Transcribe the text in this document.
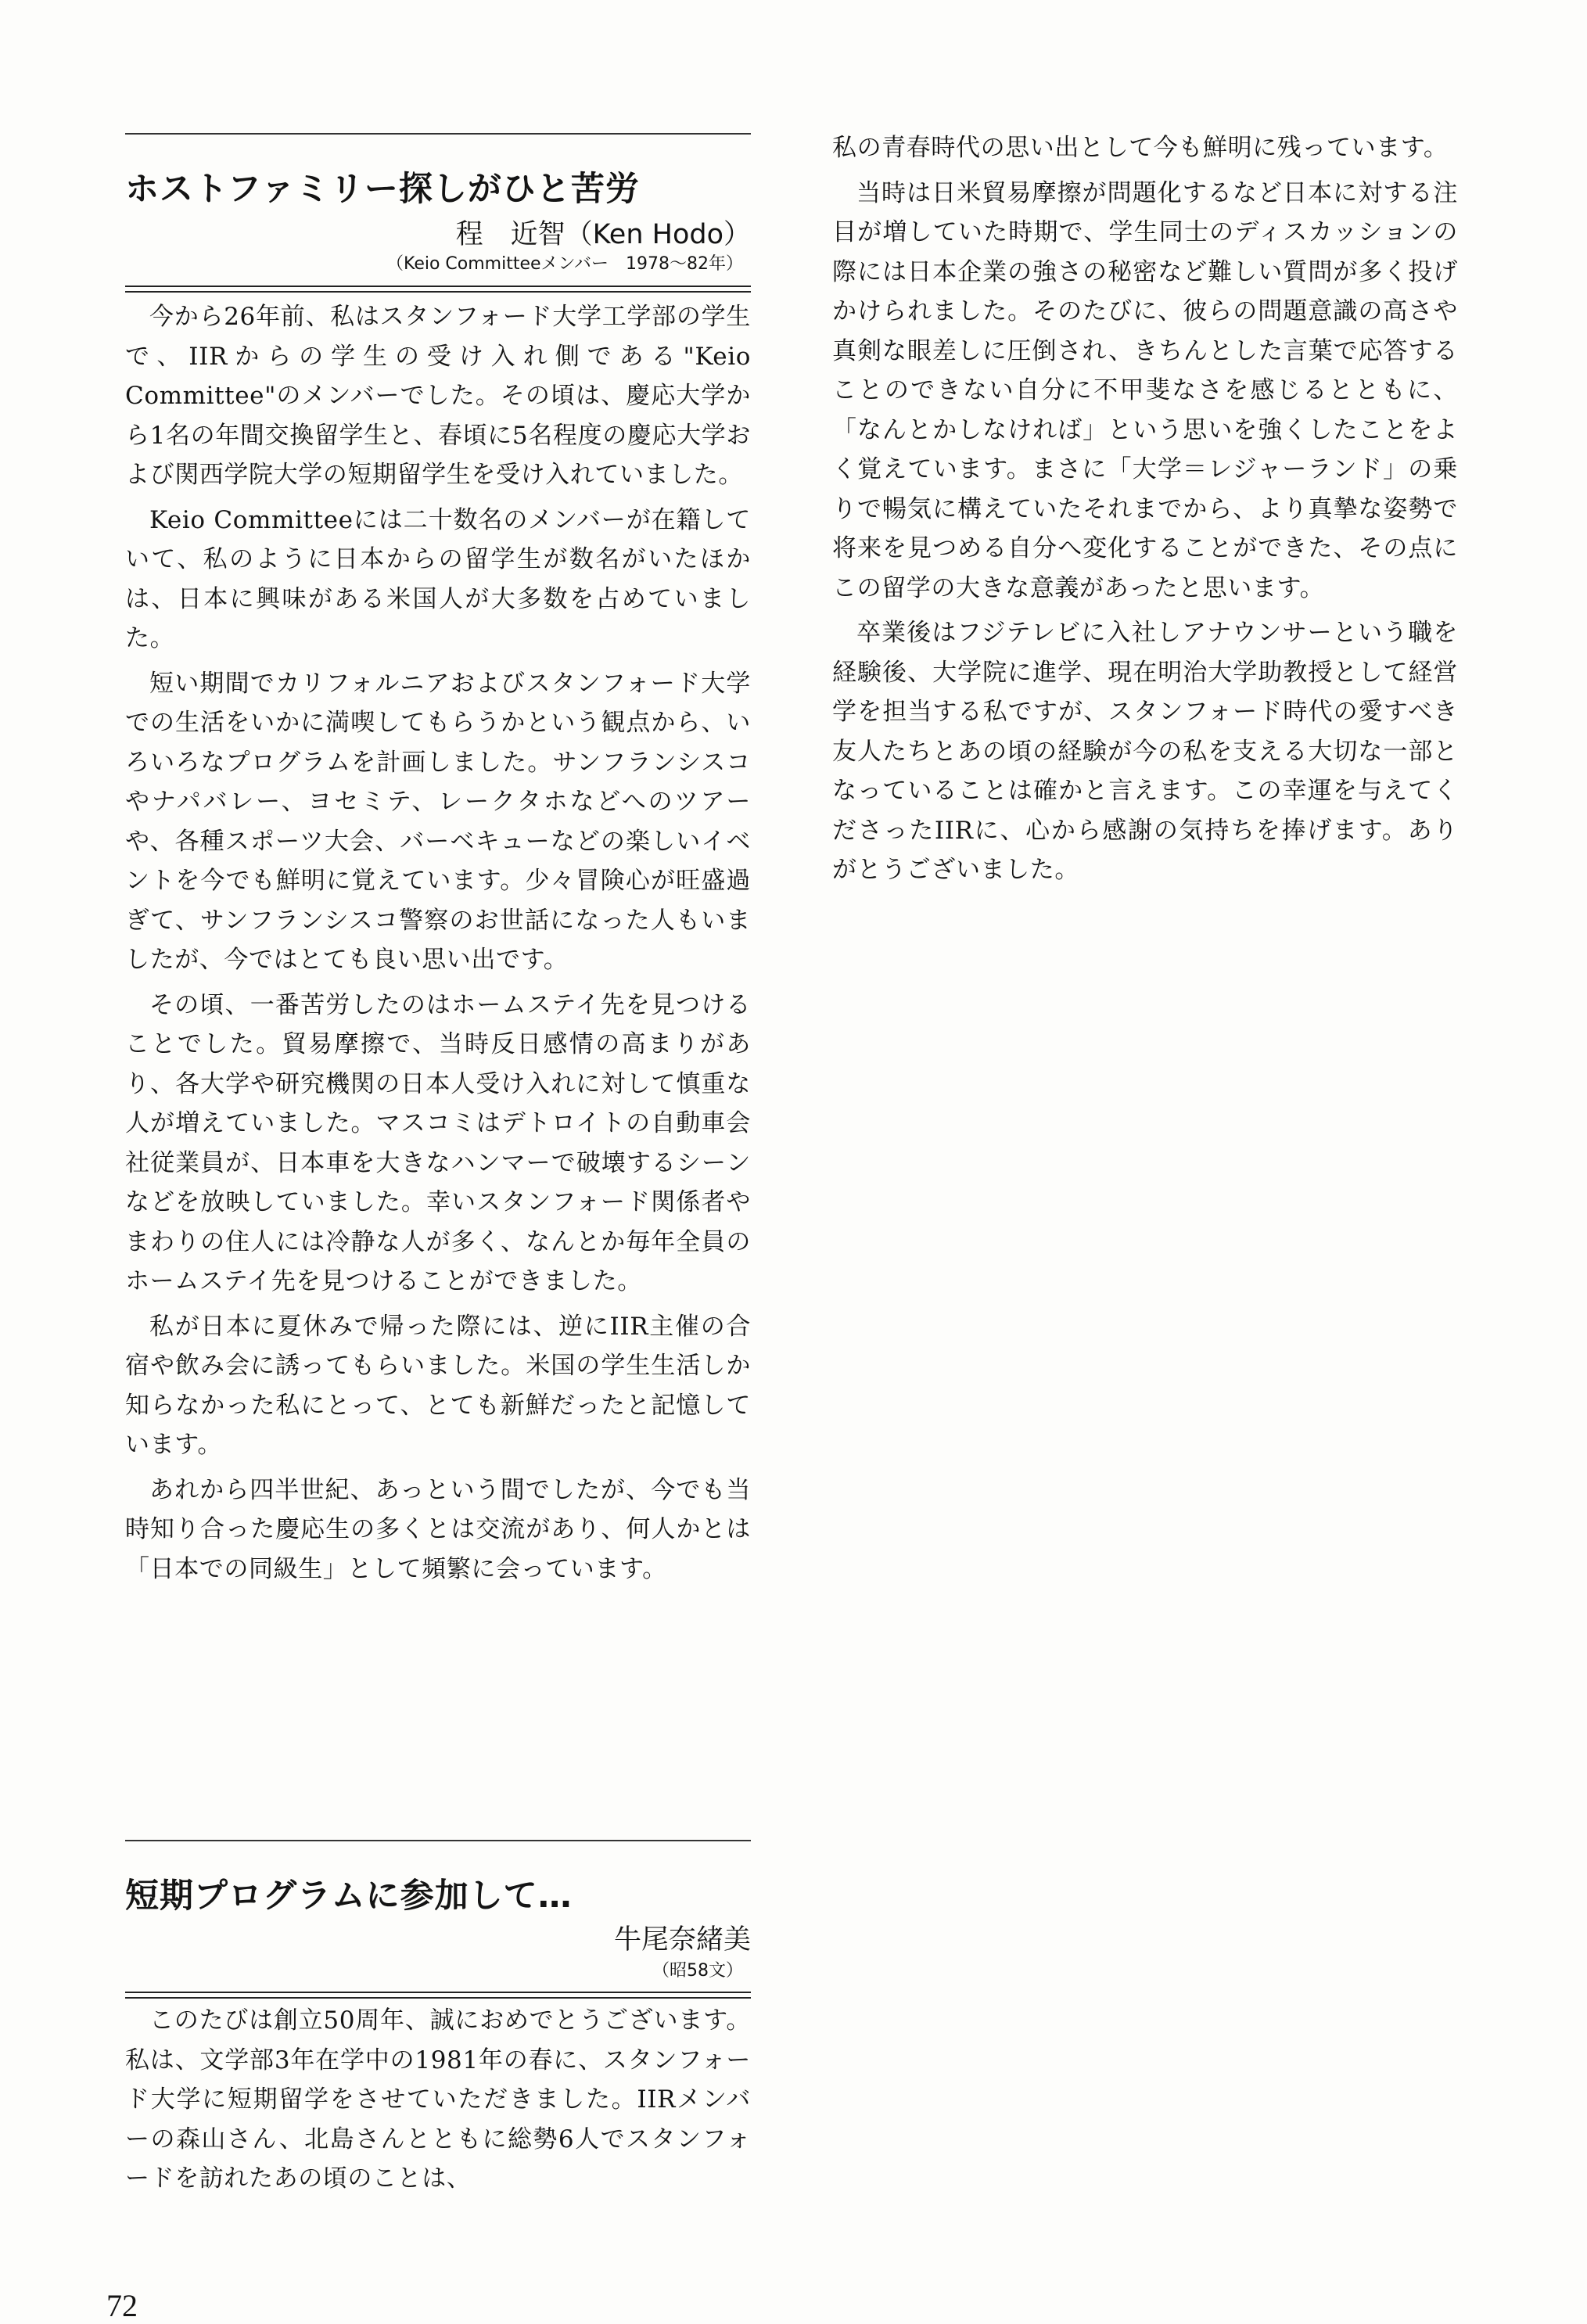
ホストファミリー探しがひと苦労
程　近智（Ken Hodo）
（Keio Committeeメンバー　1978～82年）

今から26年前、私はスタンフォード大学工学部の学生で、IIRからの学生の受け入れ側である"Keio Committee"のメンバーでした。その頃は、慶応大学から1名の年間交換留学生と、春頃に5名程度の慶応大学および関西学院大学の短期留学生を受け入れていました。

Keio Committeeには二十数名のメンバーが在籍していて、私のように日本からの留学生が数名がいたほかは、日本に興味がある米国人が大多数を占めていました。

短い期間でカリフォルニアおよびスタンフォード大学での生活をいかに満喫してもらうかという観点から、いろいろなプログラムを計画しました。サンフランシスコやナパバレー、ヨセミテ、レークタホなどへのツアーや、各種スポーツ大会、バーベキューなどの楽しいイベントを今でも鮮明に覚えています。少々冒険心が旺盛過ぎて、サンフランシスコ警察のお世話になった人もいましたが、今ではとても良い思い出です。

その頃、一番苦労したのはホームステイ先を見つけることでした。貿易摩擦で、当時反日感情の高まりがあり、各大学や研究機関の日本人受け入れに対して慎重な人が増えていました。マスコミはデトロイトの自動車会社従業員が、日本車を大きなハンマーで破壊するシーンなどを放映していました。幸いスタンフォード関係者やまわりの住人には冷静な人が多く、なんとか毎年全員のホームステイ先を見つけることができました。

私が日本に夏休みで帰った際には、逆にIIR主催の合宿や飲み会に誘ってもらいました。米国の学生生活しか知らなかった私にとって、とても新鮮だったと記憶しています。

あれから四半世紀、あっという間でしたが、今でも当時知り合った慶応生の多くとは交流があり、何人かとは「日本での同級生」として頻繁に会っています。

短期プログラムに参加して…
牛尾奈緒美
（昭58文）

このたびは創立50周年、誠におめでとうございます。私は、文学部3年在学中の1981年の春に、スタンフォード大学に短期留学をさせていただきました。IIRメンバーの森山さん、北島さんとともに総勢6人でスタンフォードを訪れたあの頃のことは、

私の青春時代の思い出として今も鮮明に残っています。

当時は日米貿易摩擦が問題化するなど日本に対する注目が増していた時期で、学生同士のディスカッションの際には日本企業の強さの秘密など難しい質問が多く投げかけられました。そのたびに、彼らの問題意識の高さや真剣な眼差しに圧倒され、きちんとした言葉で応答することのできない自分に不甲斐なさを感じるとともに、「なんとかしなければ」という思いを強くしたことをよく覚えています。まさに「大学＝レジャーランド」の乗りで暢気に構えていたそれまでから、より真摯な姿勢で将来を見つめる自分へ変化することができた、その点にこの留学の大きな意義があったと思います。

卒業後はフジテレビに入社しアナウンサーという職を経験後、大学院に進学、現在明治大学助教授として経営学を担当する私ですが、スタンフォード時代の愛すべき友人たちとあの頃の経験が今の私を支える大切な一部となっていることは確かと言えます。この幸運を与えてくださったIIRに、心から感謝の気持ちを捧げます。ありがとうございました。

72
